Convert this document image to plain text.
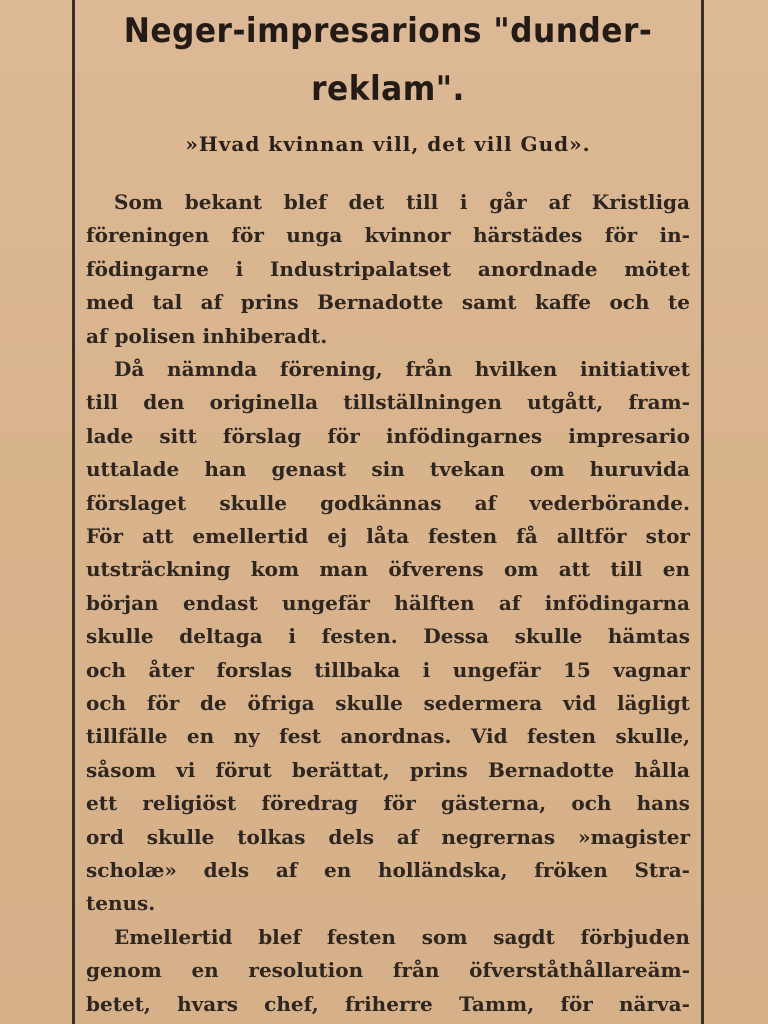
Neger-impresarions "dunder-
reklam".
»Hvad kvinnan vill, det vill Gud».
Som bekant blef det till i går af Kristliga
föreningen för unga kvinnor härstädes för in-
födingarne i Industripalatset anordnade mötet
med tal af prins Bernadotte samt kaffe och te
af polisen inhiberadt.
Då nämnda förening, från hvilken initiativet
till den originella tillställningen utgått, fram-
lade sitt förslag för infödingarnes impresario
uttalade han genast sin tvekan om huruvida
förslaget skulle godkännas af vederbörande.
För att emellertid ej låta festen få alltför stor
utsträckning kom man öfverens om att till en
början endast ungefär hälften af infödingarna
skulle deltaga i festen. Dessa skulle hämtas
och åter forslas tillbaka i ungefär 15 vagnar
och för de öfriga skulle sedermera vid lägligt
tillfälle en ny fest anordnas. Vid festen skulle,
såsom vi förut berättat, prins Bernadotte hålla
ett religiöst föredrag för gästerna, och hans
ord skulle tolkas dels af negrernas »magister
scholæ» dels af en holländska, fröken Stra-
tenus.
Emellertid blef festen som sagdt förbjuden
genom en resolution från öfverståthållareäm-
betet, hvars chef, friherre Tamm, för närva-
